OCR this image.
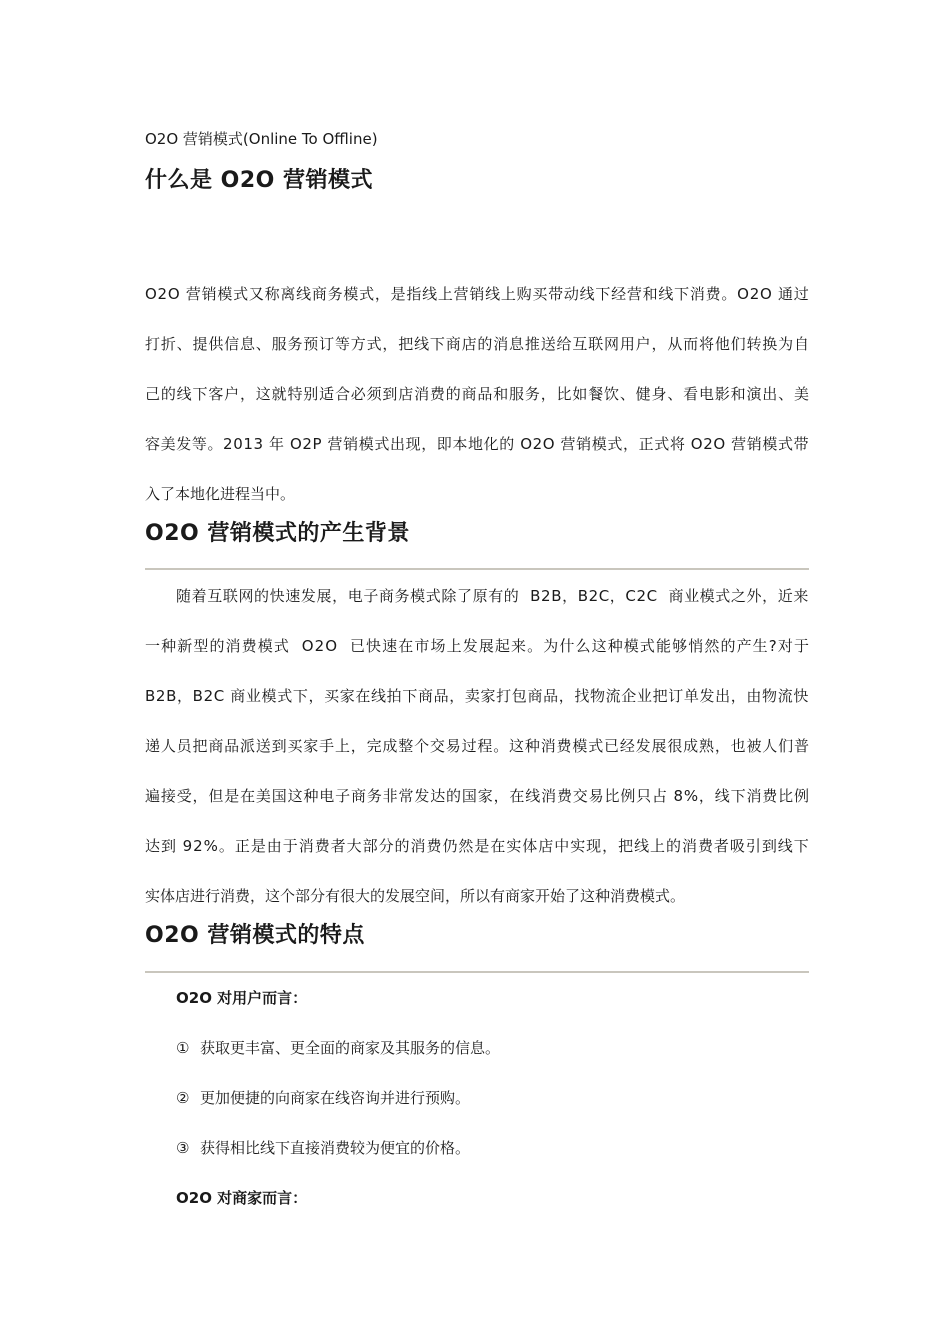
O2O 营销模式(Online To Offline)
什么是 O2O 营销模式
O 2 O
营 销 模 式 又 称 离 线 商 务 模 式 ， 是 指 线 上 营 销 线 上 购 买 带 动 线 下 经 营 和 线 下 消 费 。 O 2 O
通 过
打 折 、 提 供 信 息 、 服 务 预 订 等 方 式 ， 把 线 下 商 店 的 消 息 推 送 给 互 联 网 用 户 ， 从 而 将 他 们 转 换 为 自
己 的 线 下 客 户 ， 这 就 特 别 适 合 必 须 到 店 消 费 的 商 品 和 服 务 ， 比 如 餐 饮 、 健 身 、 看 电 影 和 演 出 、 美
容 美 发 等 。 2 0 1 3
年
O 2 P
营 销 模 式 出 现 ， 即 本 地 化 的
O 2 O
营 销 模 式 ， 正 式 将
O 2 O
营 销 模 式 带
入了本地化进程当中。
O2O 营销模式的产生背景
随 着 互 联 网 的 快 速 发 展 ， 电 子 商 务 模 式 除 了 原 有 的

B 2 B ， B 2 C ， C 2 C

商 业 模 式 之 外 ， 近 来
一 种 新 型 的 消 费 模 式

O 2 O

已 快 速 在 市 场 上 发 展 起 来 。 为 什 么 这 种 模 式 能 够 悄 然 的 产 生 ? 对 于
B 2 B ， B 2 C
商 业 模 式 下 ， 买 家 在 线 拍 下 商 品 ， 卖 家 打 包 商 品 ， 找 物 流 企 业 把 订 单 发 出 ， 由 物 流 快
递 人 员 把 商 品 派 送 到 买 家 手 上 ， 完 成 整 个 交 易 过 程 。 这 种 消 费 模 式 已 经 发 展 很 成 熟 ， 也 被 人 们 普
遍 接 受 ， 但 是 在 美 国 这 种 电 子 商 务 非 常 发 达 的 国 家 ， 在 线 消 费 交 易 比 例 只 占
8 % ， 线 下 消 费 比 例
达 到
9 2 % 。 正 是 由 于 消 费 者 大 部 分 的 消 费 仍 然 是 在 实 体 店 中 实 现 ， 把 线 上 的 消 费 者 吸 引 到 线 下
实体店进行消费，这个部分有很大的发展空间，所以有商家开始了这种消费模式。
O2O 营销模式的特点
O2O 对用户而言：
① 获取更丰富、更全面的商家及其服务的信息。
② 更加便捷的向商家在线咨询并进行预购。
③ 获得相比线下直接消费较为便宜的价格。
O2O 对商家而言：
